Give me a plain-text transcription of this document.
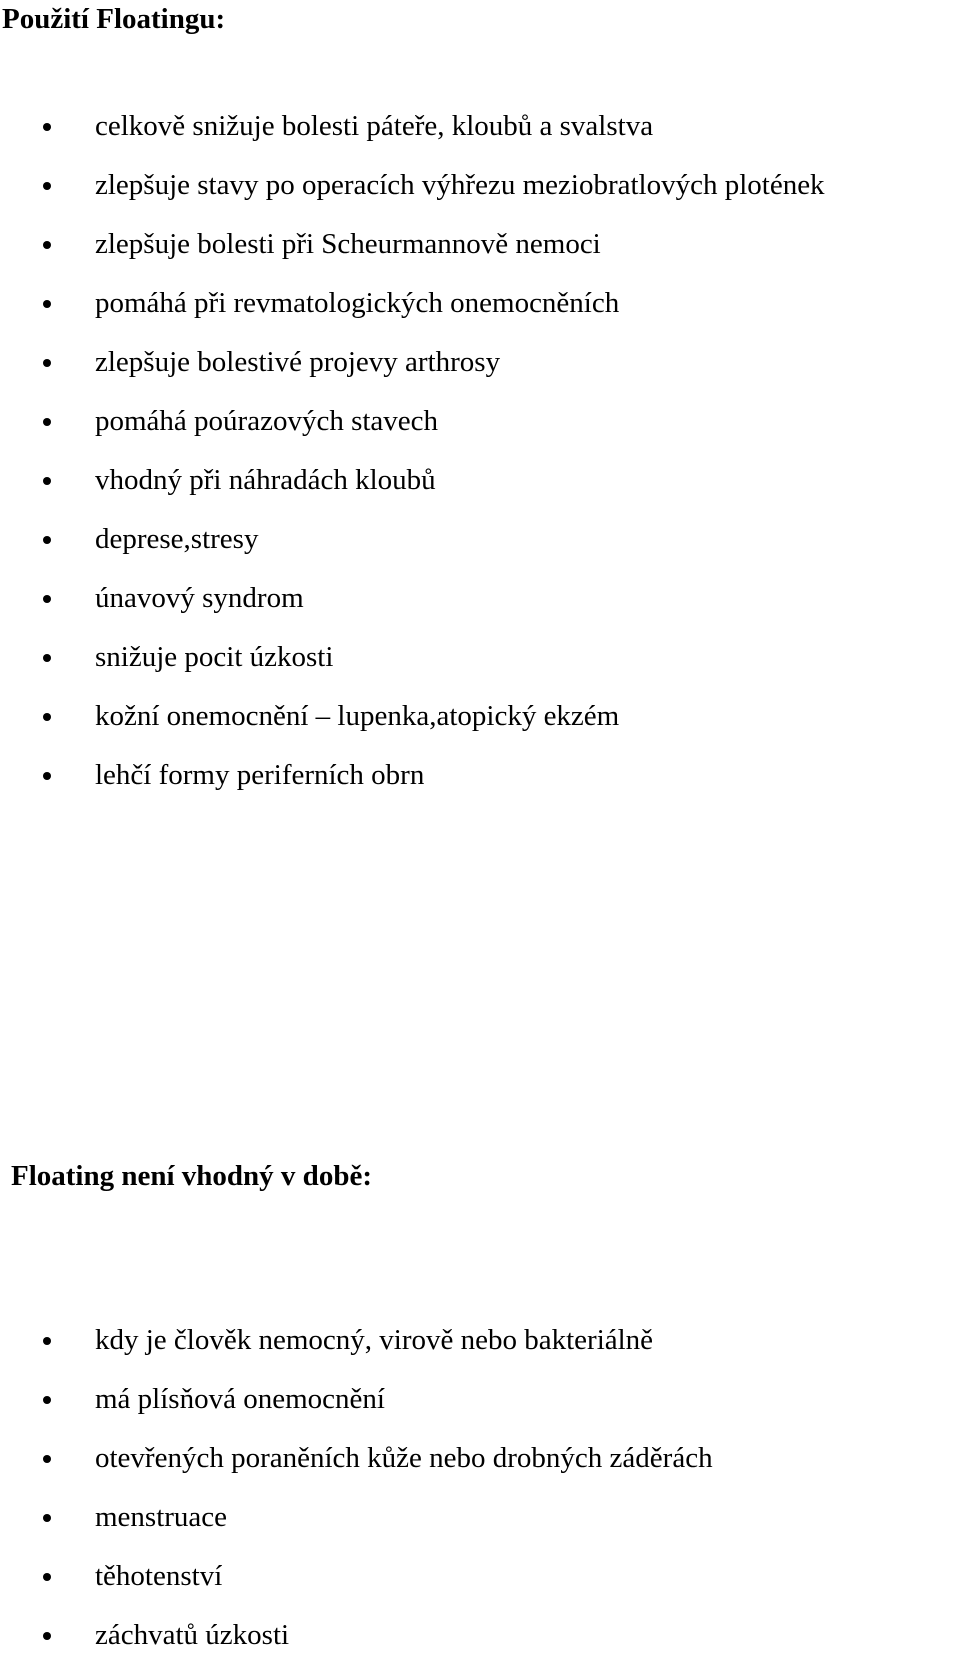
Použití Floatingu:
celkově snižuje bolesti páteře, kloubů a svalstva
zlepšuje stavy po operacích výhřezu meziobratlových plotének
zlepšuje bolesti při Scheurmannově nemoci
pomáhá při revmatologických onemocněních
zlepšuje bolestivé projevy arthrosy
pomáhá poúrazových stavech
vhodný při náhradách kloubů
deprese,stresy
únavový syndrom
snižuje pocit úzkosti
kožní onemocnění – lupenka,atopický ekzém
lehčí formy periferních obrn
Floating není vhodný v době:
kdy je člověk nemocný, virově nebo bakteriálně
má plísňová onemocnění
otevřených poraněních kůže nebo drobných záděrách
menstruace
těhotenství
záchvatů úzkosti
